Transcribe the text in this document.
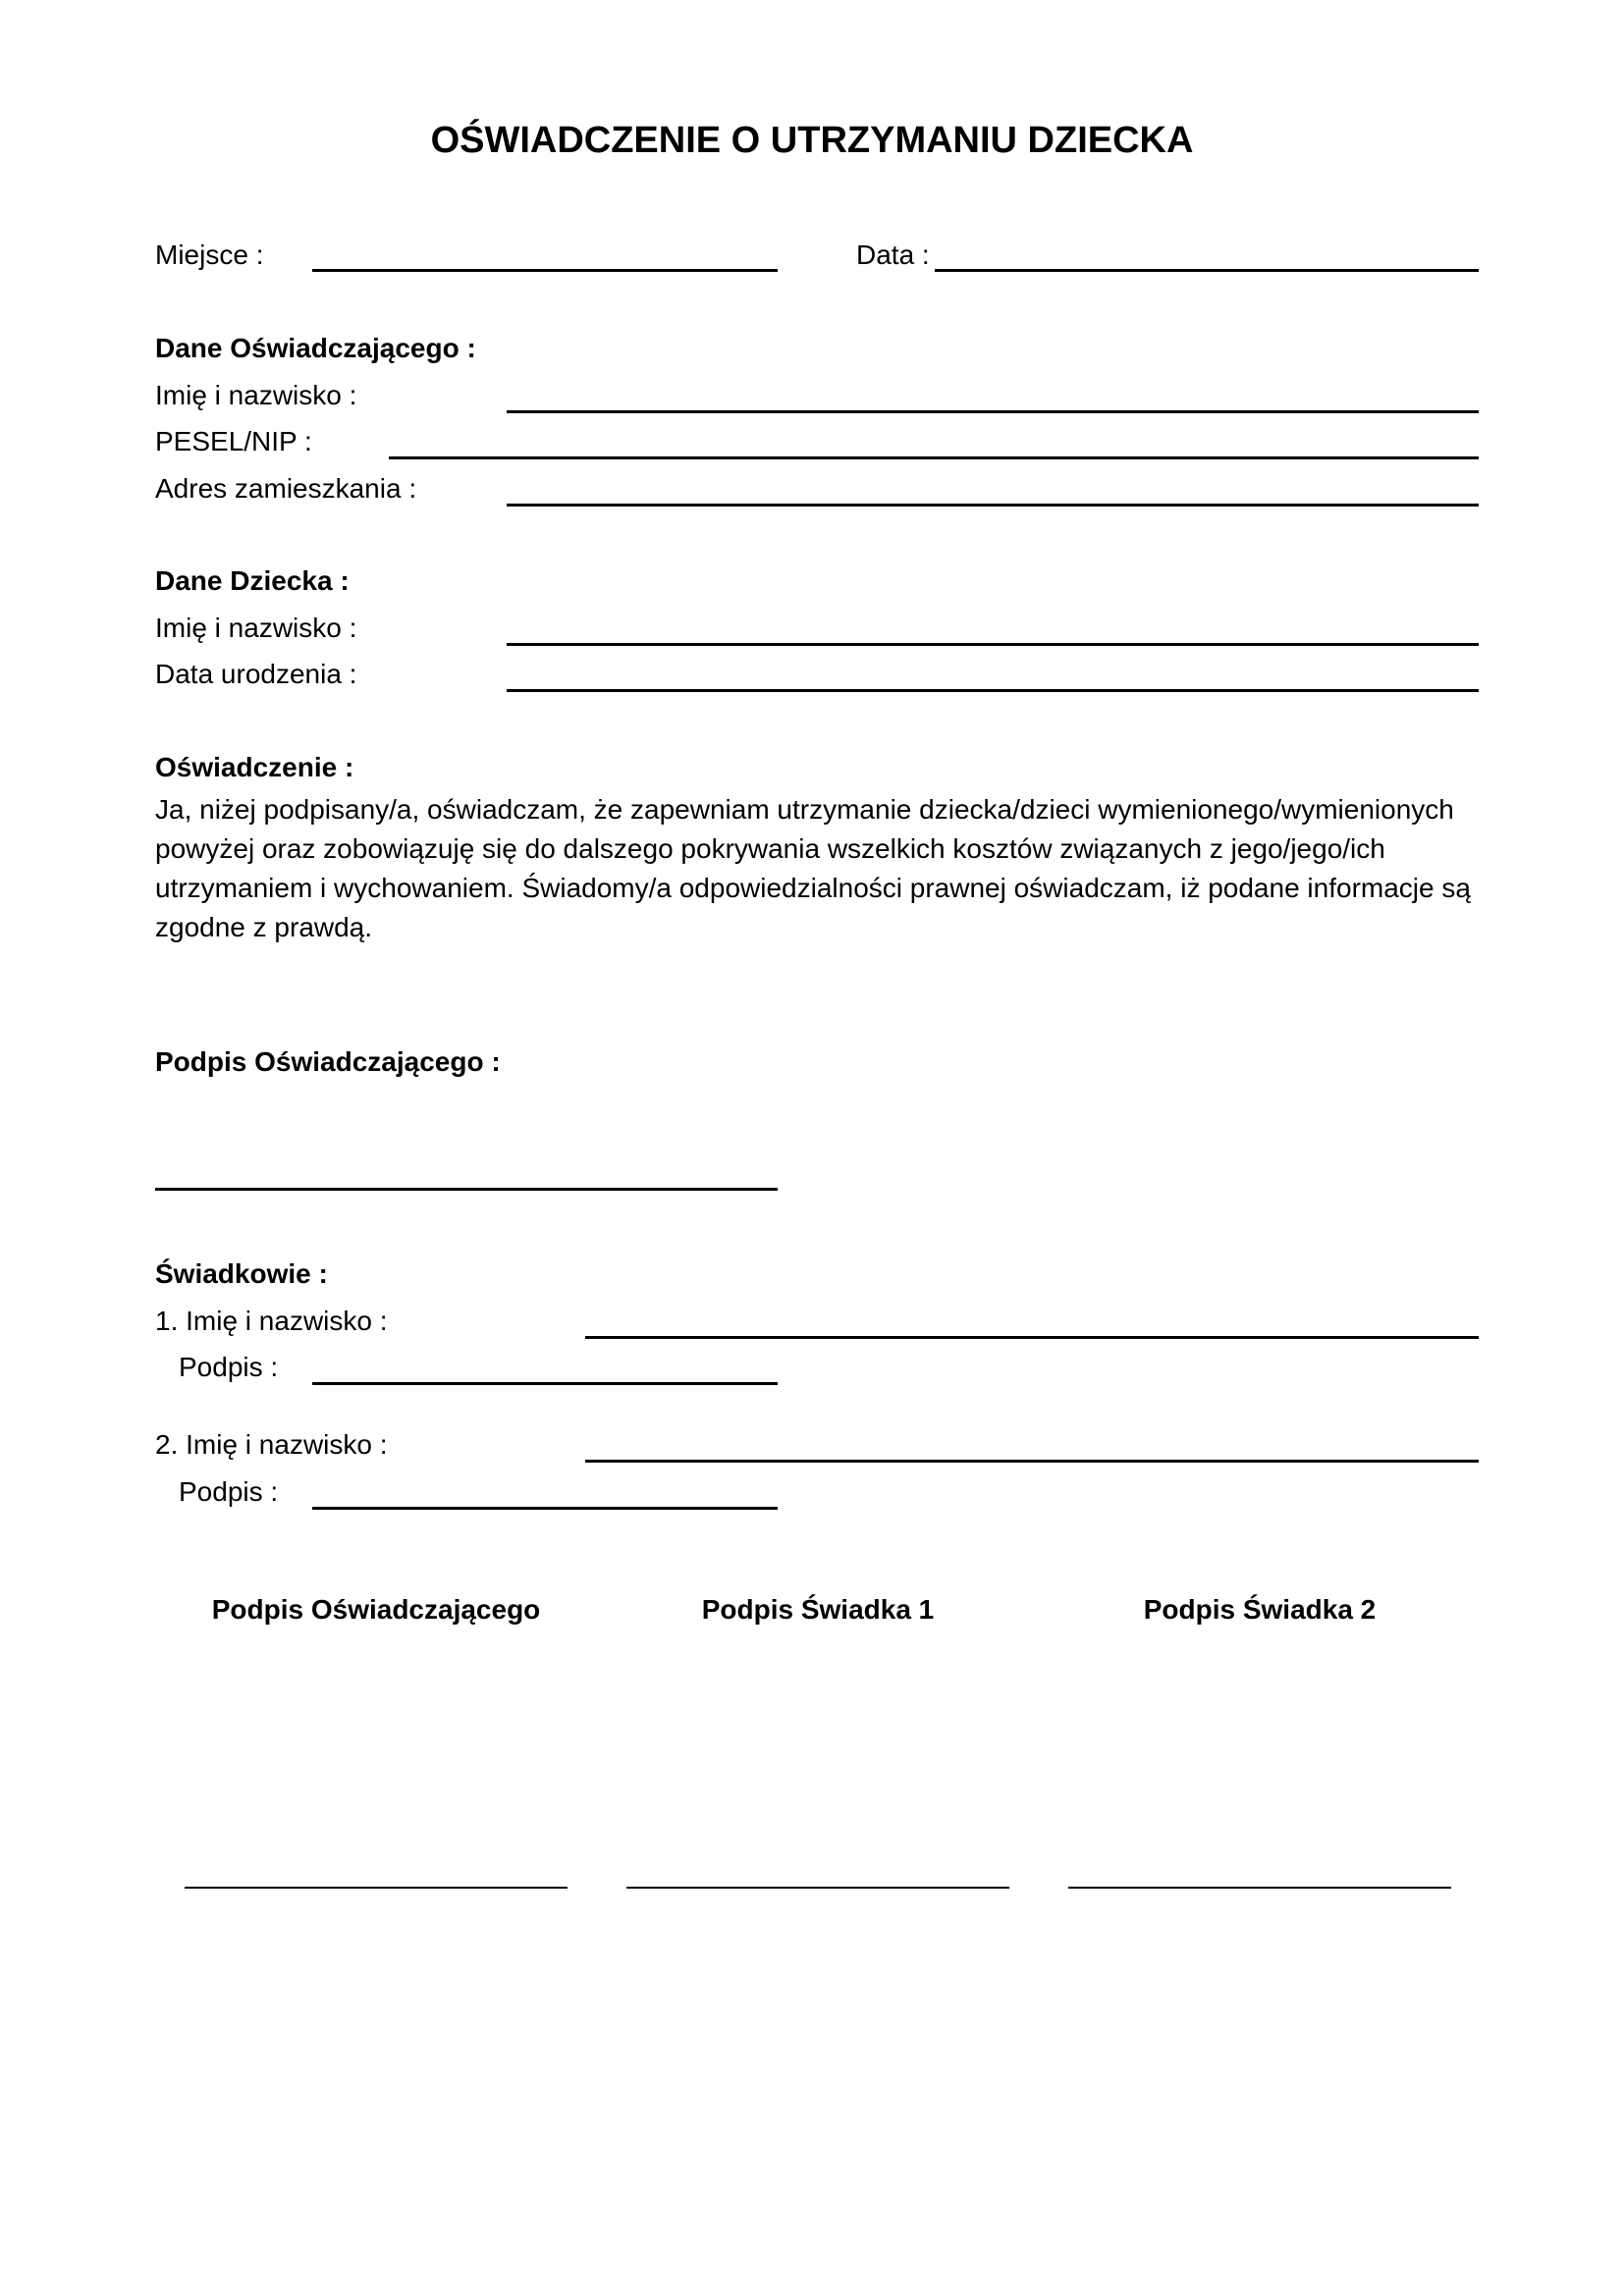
OŚWIADCZENIE O UTRZYMANIU DZIECKA
Miejsce :	Data :
Dane Oświadczającego :
Imię i nazwisko :
PESEL/NIP :
Adres zamieszkania :
Dane Dziecka :
Imię i nazwisko :
Data urodzenia :
Oświadczenie :
Ja, niżej podpisany/a, oświadczam, że zapewniam utrzymanie dziecka/dzieci wymienionego/wymienionych powyżej oraz zobowiązuję się do dalszego pokrywania wszelkich kosztów związanych z jego/jego/ich utrzymaniem i wychowaniem. Świadomy/a odpowiedzialności prawnej oświadczam, iż podane informacje są zgodne z prawdą.
Podpis Oświadczającego :
Świadkowie :
1. Imię i nazwisko :
Podpis :
2. Imię i nazwisko :
Podpis :
Podpis Oświadczającego	Podpis Świadka 1	Podpis Świadka 2
